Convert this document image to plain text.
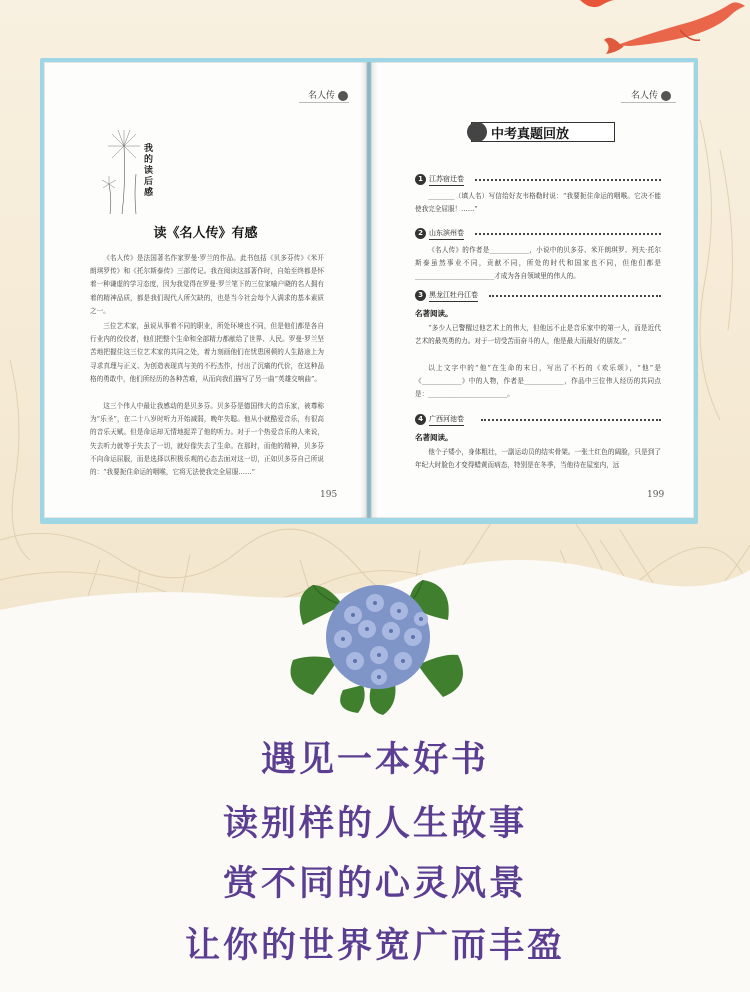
名人传
我的读后感
读《名人传》有感
《名人传》是法国著名作家罗曼·罗兰的作品。此书包括《贝多芬传》《米开朗琪罗传》和《托尔斯泰传》三部传记。我在阅读这部著作时，自始至终都是怀着一种谦虚的学习态度，因为我觉得在罗曼·罗兰笔下的三位家喻户晓的名人拥有着的精神品质，都是我们现代人所欠缺的，也是当今社会每个人满求的基本素质之一。
三位艺术家，虽说从事着不同的职业，所处环境也不同，但是他们都是各自行业内的佼佼者，他们把整个生命和全部精力都献给了世界、人民。罗曼·罗兰坚苦地把握住这三位艺术家的共同之处，着力刻画他们在忧患困顿的人生路途上为寻求真理与正义、为创造表现真与美的不朽杰作，付出了沉痛的代价，在这种品格的勇敢中，他们所经历的各种苦难，从而向我们描写了另一曲“英雄交响曲”。
这三个伟人中最让我感动的是贝多芬。贝多芬是德国伟大的音乐家，被尊称为“乐圣”，在二十八岁时听力开始减弱，晚年失聪。他从小就酷爱音乐，有很高的音乐天赋。但是命运却无情地捉弄了他的听力。对于一个热爱音乐的人来说，失去听力就等于失去了一切，就好像失去了生命。在那时，而他的精神，贝多芬不向命运屈服，而是选择以积极乐观的心态去面对这一切，正如贝多芬自己所说的：“我要扼住命运的咽喉，它将无法使我完全屈服……”
195
名人传
中考真题回放
1 江苏宿迁卷
________（填人名）写信给好友韦格勒时说：“我要扼住命运的咽喉。它决不能使我完全屈服！……”
2 山东滨州卷
《名人传》的作者是____________，小说中的贝多芬、米开朗琪罗、列夫·托尔斯泰虽然事业不同，贡献不同，所处的时代和国家也不同，但他们都是________________________才成为各自领域里的伟人的。
3 黑龙江牡丹江卷
名著阅读。
“多少人已警醒过他艺术上的伟大，但他远不止是音乐家中的第一人，而是近代艺术的最英勇的力。对于一切受苦而奋斗的人，他是最大而最好的朋友。”
以上文字中的“他”在生命的末日，写出了不朽的《欢乐颂》，“他”是《____________》中的人物，作者是____________，作品中三位伟人经历的共同点是：________________________。
4 广西河池卷
名著阅读。
他个子矮小，身体粗壮，一副运动员的结实骨架。一张土红色的阔脸，只是到了年纪大时脸色才变得蜡黄而病态，特别是在冬季，当他待在屋室内，远
199
遇见一本好书
读别样的人生故事
赏不同的心灵风景
让你的世界宽广而丰盈
